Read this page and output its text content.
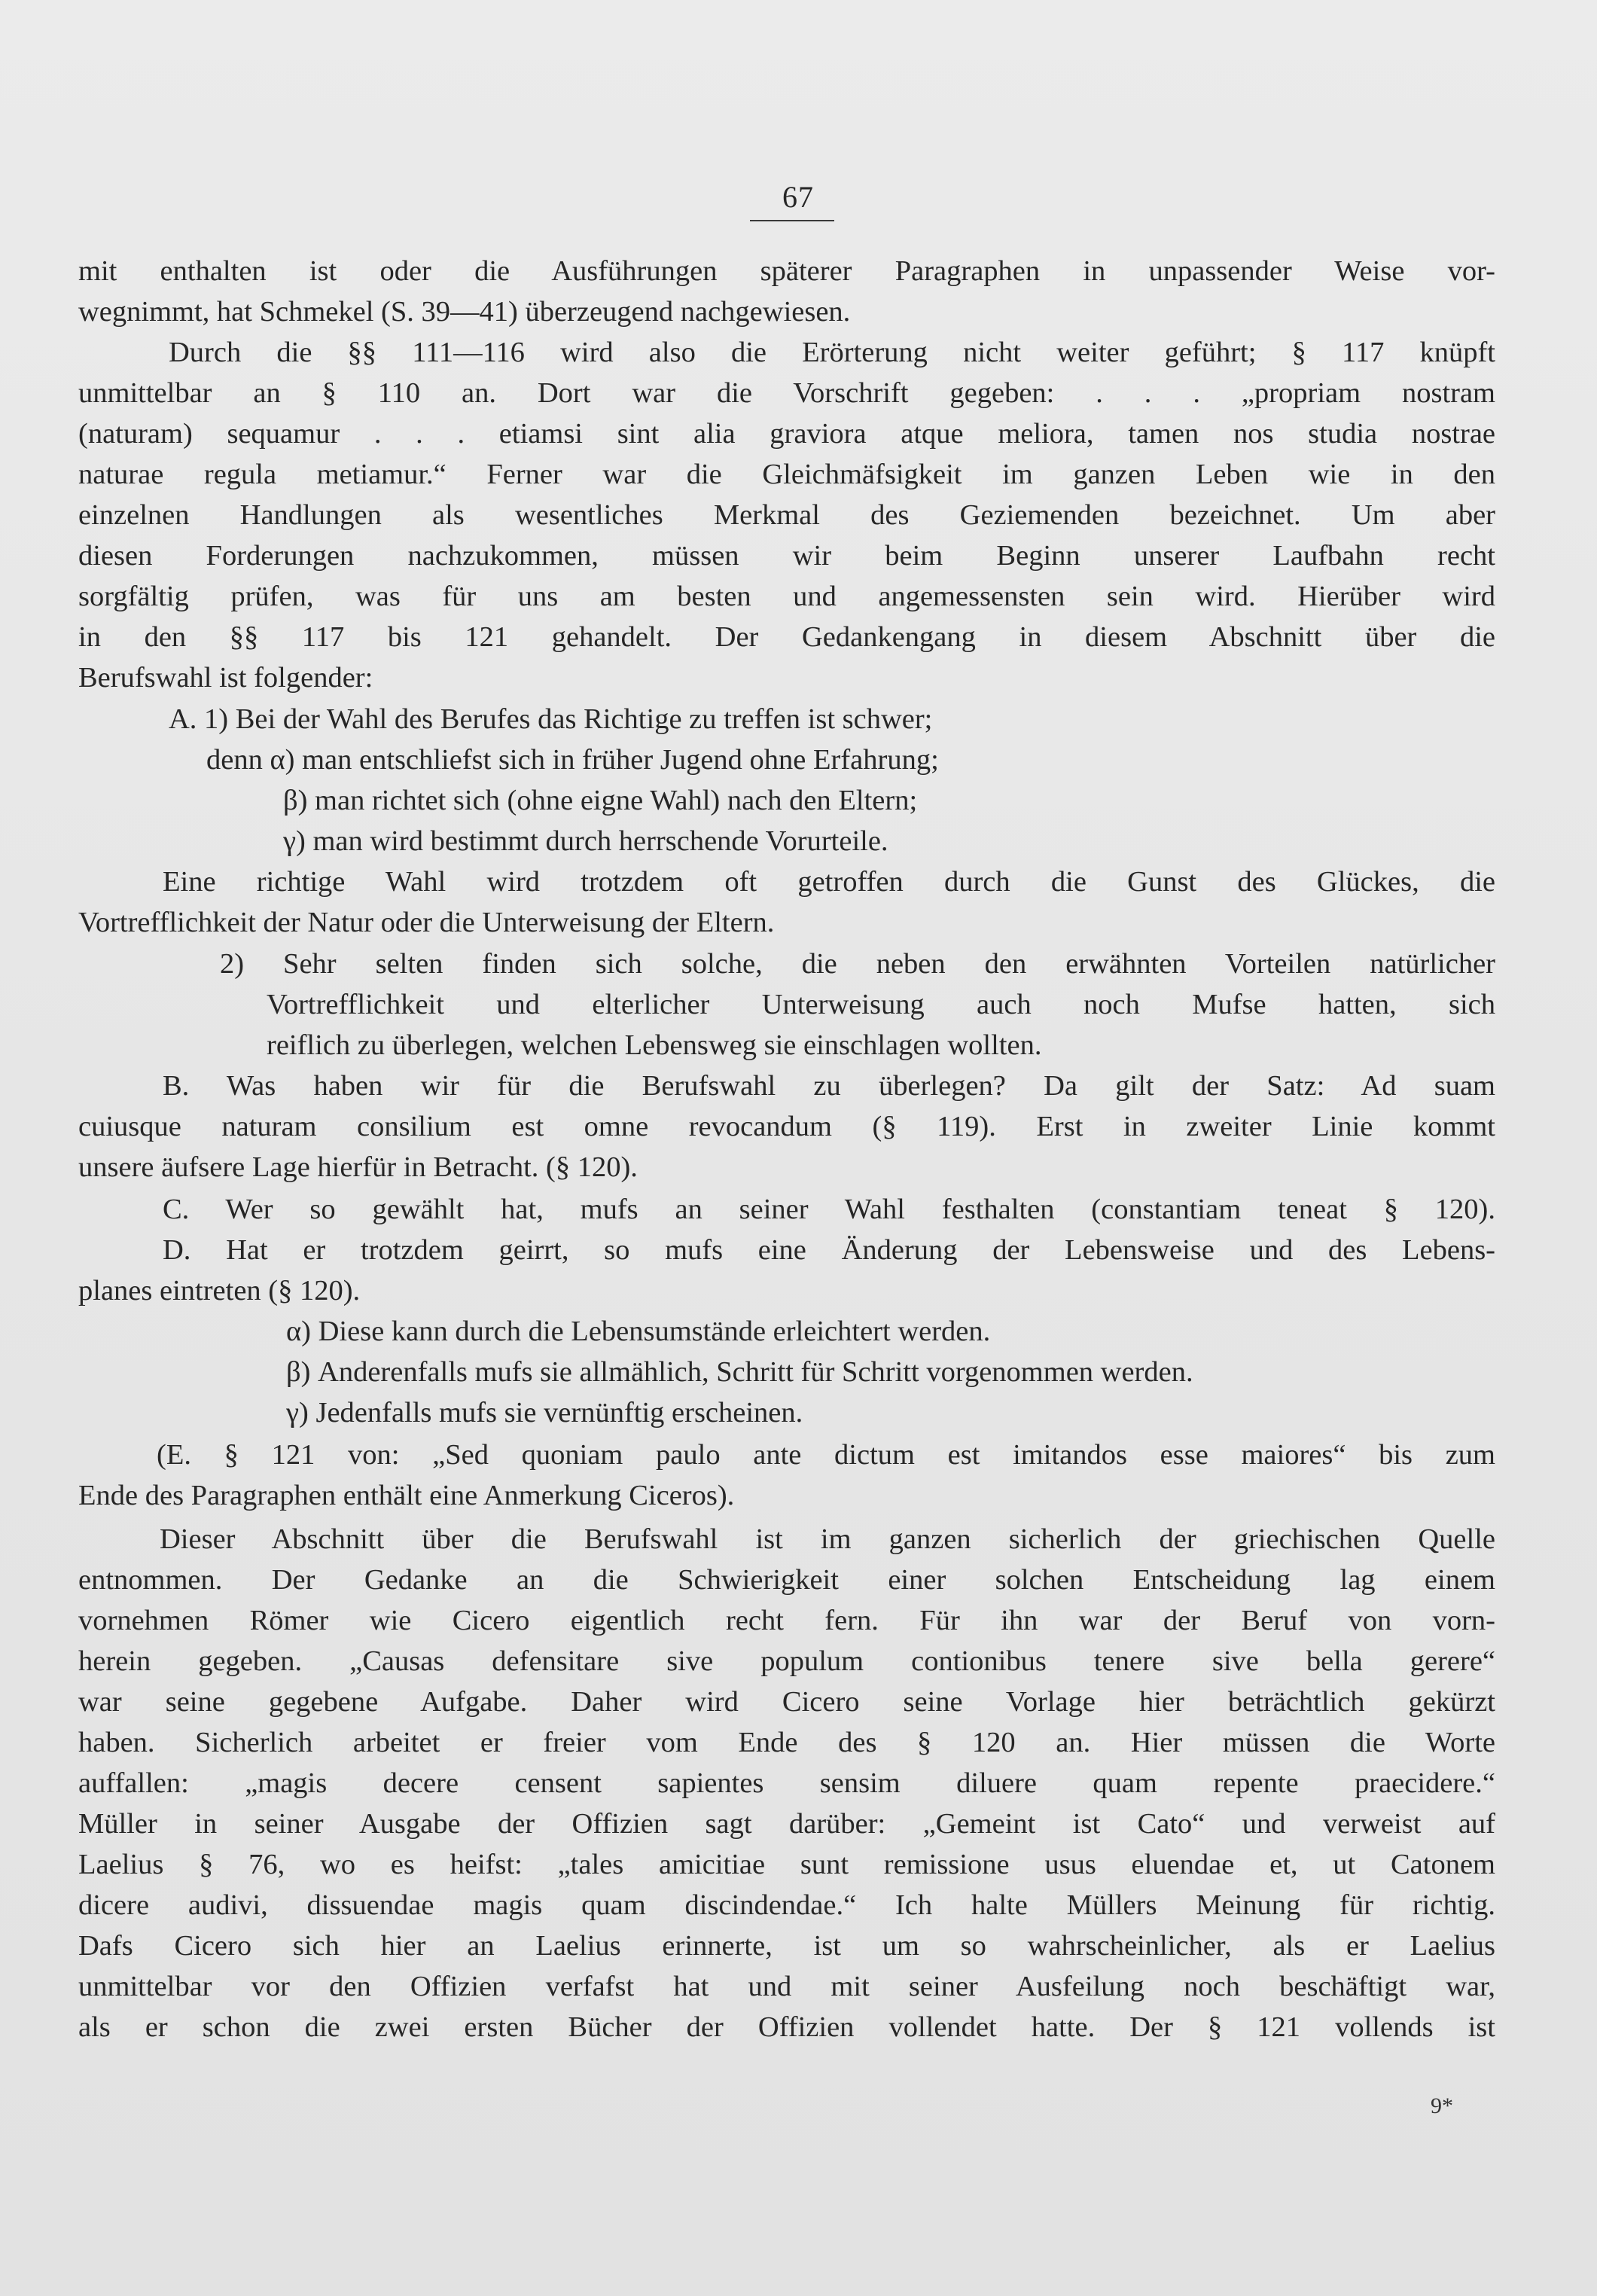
67
mit enthalten ist oder die Ausführungen späterer Paragraphen in unpassender Weise vor-
wegnimmt, hat Schmekel (S. 39—41) überzeugend nachgewiesen.
Durch die §§ 111—116 wird also die Erörterung nicht weiter geführt; § 117 knüpft
unmittelbar an § 110 an. Dort war die Vorschrift gegeben: . . . „propriam nostram
(naturam) sequamur . . . etiamsi sint alia graviora atque meliora, tamen nos studia nostrae
naturae regula metiamur.“ Ferner war die Gleichmäfsigkeit im ganzen Leben wie in den
einzelnen Handlungen als wesentliches Merkmal des Geziemenden bezeichnet. Um aber
diesen Forderungen nachzukommen, müssen wir beim Beginn unserer Laufbahn recht
sorgfältig prüfen, was für uns am besten und angemessensten sein wird. Hierüber wird
in den §§ 117 bis 121 gehandelt. Der Gedankengang in diesem Abschnitt über die
Berufswahl ist folgender:
A. 1) Bei der Wahl des Berufes das Richtige zu treffen ist schwer;
denn α) man entschliefst sich in früher Jugend ohne Erfahrung;
β) man richtet sich (ohne eigne Wahl) nach den Eltern;
γ) man wird bestimmt durch herrschende Vorurteile.
Eine richtige Wahl wird trotzdem oft getroffen durch die Gunst des Glückes, die
Vortrefflichkeit der Natur oder die Unterweisung der Eltern.
2) Sehr selten finden sich solche, die neben den erwähnten Vorteilen natürlicher
Vortrefflichkeit und elterlicher Unterweisung auch noch Mufse hatten, sich
reiflich zu überlegen, welchen Lebensweg sie einschlagen wollten.
B. Was haben wir für die Berufswahl zu überlegen? Da gilt der Satz: Ad suam
cuiusque naturam consilium est omne revocandum (§ 119). Erst in zweiter Linie kommt
unsere äufsere Lage hierfür in Betracht. (§ 120).
C. Wer so gewählt hat, mufs an seiner Wahl festhalten (constantiam teneat § 120).
D. Hat er trotzdem geirrt, so mufs eine Änderung der Lebensweise und des Lebens-
planes eintreten (§ 120).
α) Diese kann durch die Lebensumstände erleichtert werden.
β) Anderenfalls mufs sie allmählich, Schritt für Schritt vorgenommen werden.
γ) Jedenfalls mufs sie vernünftig erscheinen.
(E. § 121 von: „Sed quoniam paulo ante dictum est imitandos esse maiores“ bis zum
Ende des Paragraphen enthält eine Anmerkung Ciceros).
Dieser Abschnitt über die Berufswahl ist im ganzen sicherlich der griechischen Quelle
entnommen. Der Gedanke an die Schwierigkeit einer solchen Entscheidung lag einem
vornehmen Römer wie Cicero eigentlich recht fern. Für ihn war der Beruf von vorn-
herein gegeben. „Causas defensitare sive populum contionibus tenere sive bella gerere“
war seine gegebene Aufgabe. Daher wird Cicero seine Vorlage hier beträchtlich gekürzt
haben. Sicherlich arbeitet er freier vom Ende des § 120 an. Hier müssen die Worte
auffallen: „magis decere censent sapientes sensim diluere quam repente praecidere.“
Müller in seiner Ausgabe der Offizien sagt darüber: „Gemeint ist Cato“ und verweist auf
Laelius § 76, wo es heifst: „tales amicitiae sunt remissione usus eluendae et, ut Catonem
dicere audivi, dissuendae magis quam discindendae.“ Ich halte Müllers Meinung für richtig.
Dafs Cicero sich hier an Laelius erinnerte, ist um so wahrscheinlicher, als er Laelius
unmittelbar vor den Offizien verfafst hat und mit seiner Ausfeilung noch beschäftigt war,
als er schon die zwei ersten Bücher der Offizien vollendet hatte. Der § 121 vollends ist
9*
